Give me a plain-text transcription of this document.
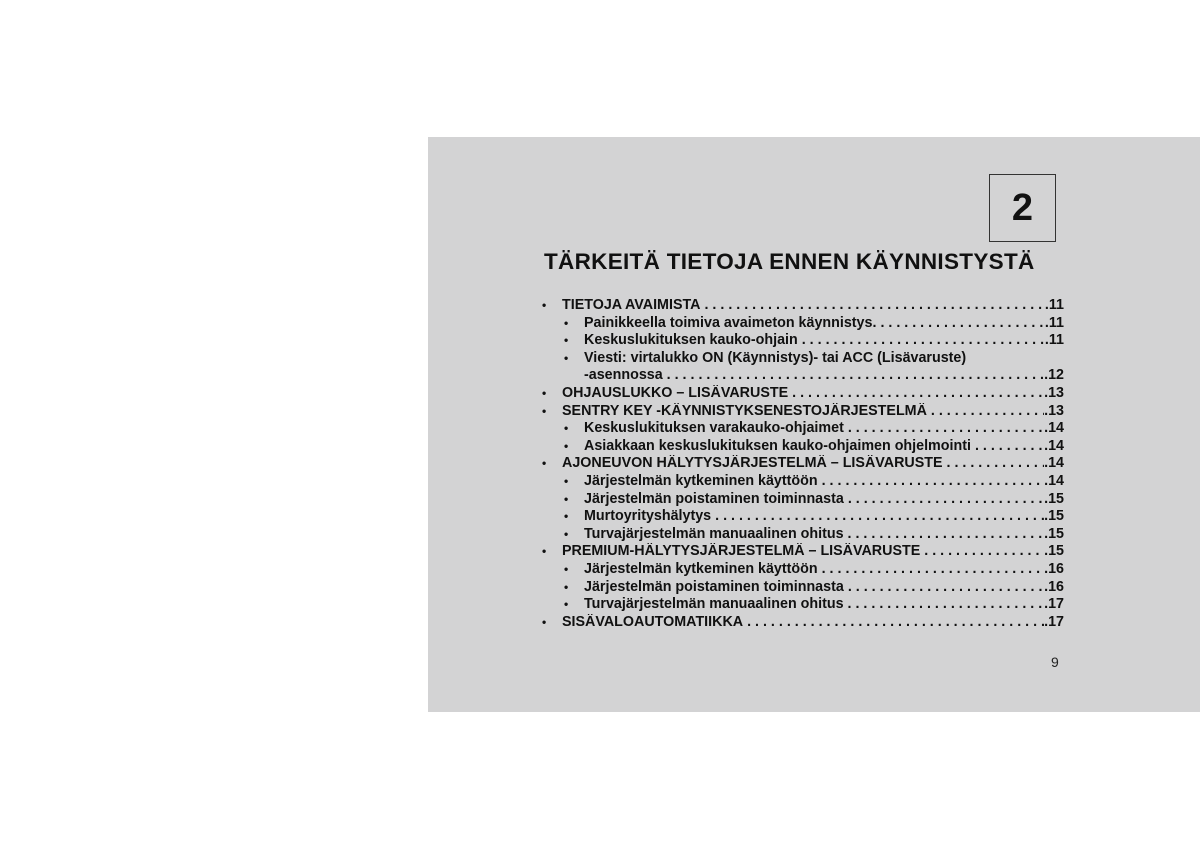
2
TÄRKEITÄ TIETOJA ENNEN KÄYNNISTYSTÄ
• TIETOJA AVAIMISTA . . .	.11
• Painikkeella toimiva avaimeton käynnistys. . . .	.11
• Keskuslukituksen kauko-ohjain . . .	.11
• Viesti: virtalukko ON (Käynnistys)- tai ACC (Lisävaruste)
-asennossa . . .	.12
• OHJAUSLUKKO – LISÄVARUSTE . . .	.13
• SENTRY KEY -KÄYNNISTYKSENESTOJÄRJESTELMÄ . . .	.13
• Keskuslukituksen varakauko-ohjaimet . . .	.14
• Asiakkaan keskuslukituksen kauko-ohjaimen ohjelmointi . . .	.14
• AJONEUVON HÄLYTYSJÄRJESTELMÄ – LISÄVARUSTE . . .	.14
• Järjestelmän kytkeminen käyttöön . . .	.14
• Järjestelmän poistaminen toiminnasta . . .	.15
• Murtoyrityshälytys . . .	.15
• Turvajärjestelmän manuaalinen ohitus . . .	.15
• PREMIUM-HÄLYTYSJÄRJESTELMÄ – LISÄVARUSTE . . .	.15
• Järjestelmän kytkeminen käyttöön . . .	.16
• Järjestelmän poistaminen toiminnasta . . .	.16
• Turvajärjestelmän manuaalinen ohitus . . .	.17
• SISÄVALOAUTOMATIIKKA . . .	.17
9
